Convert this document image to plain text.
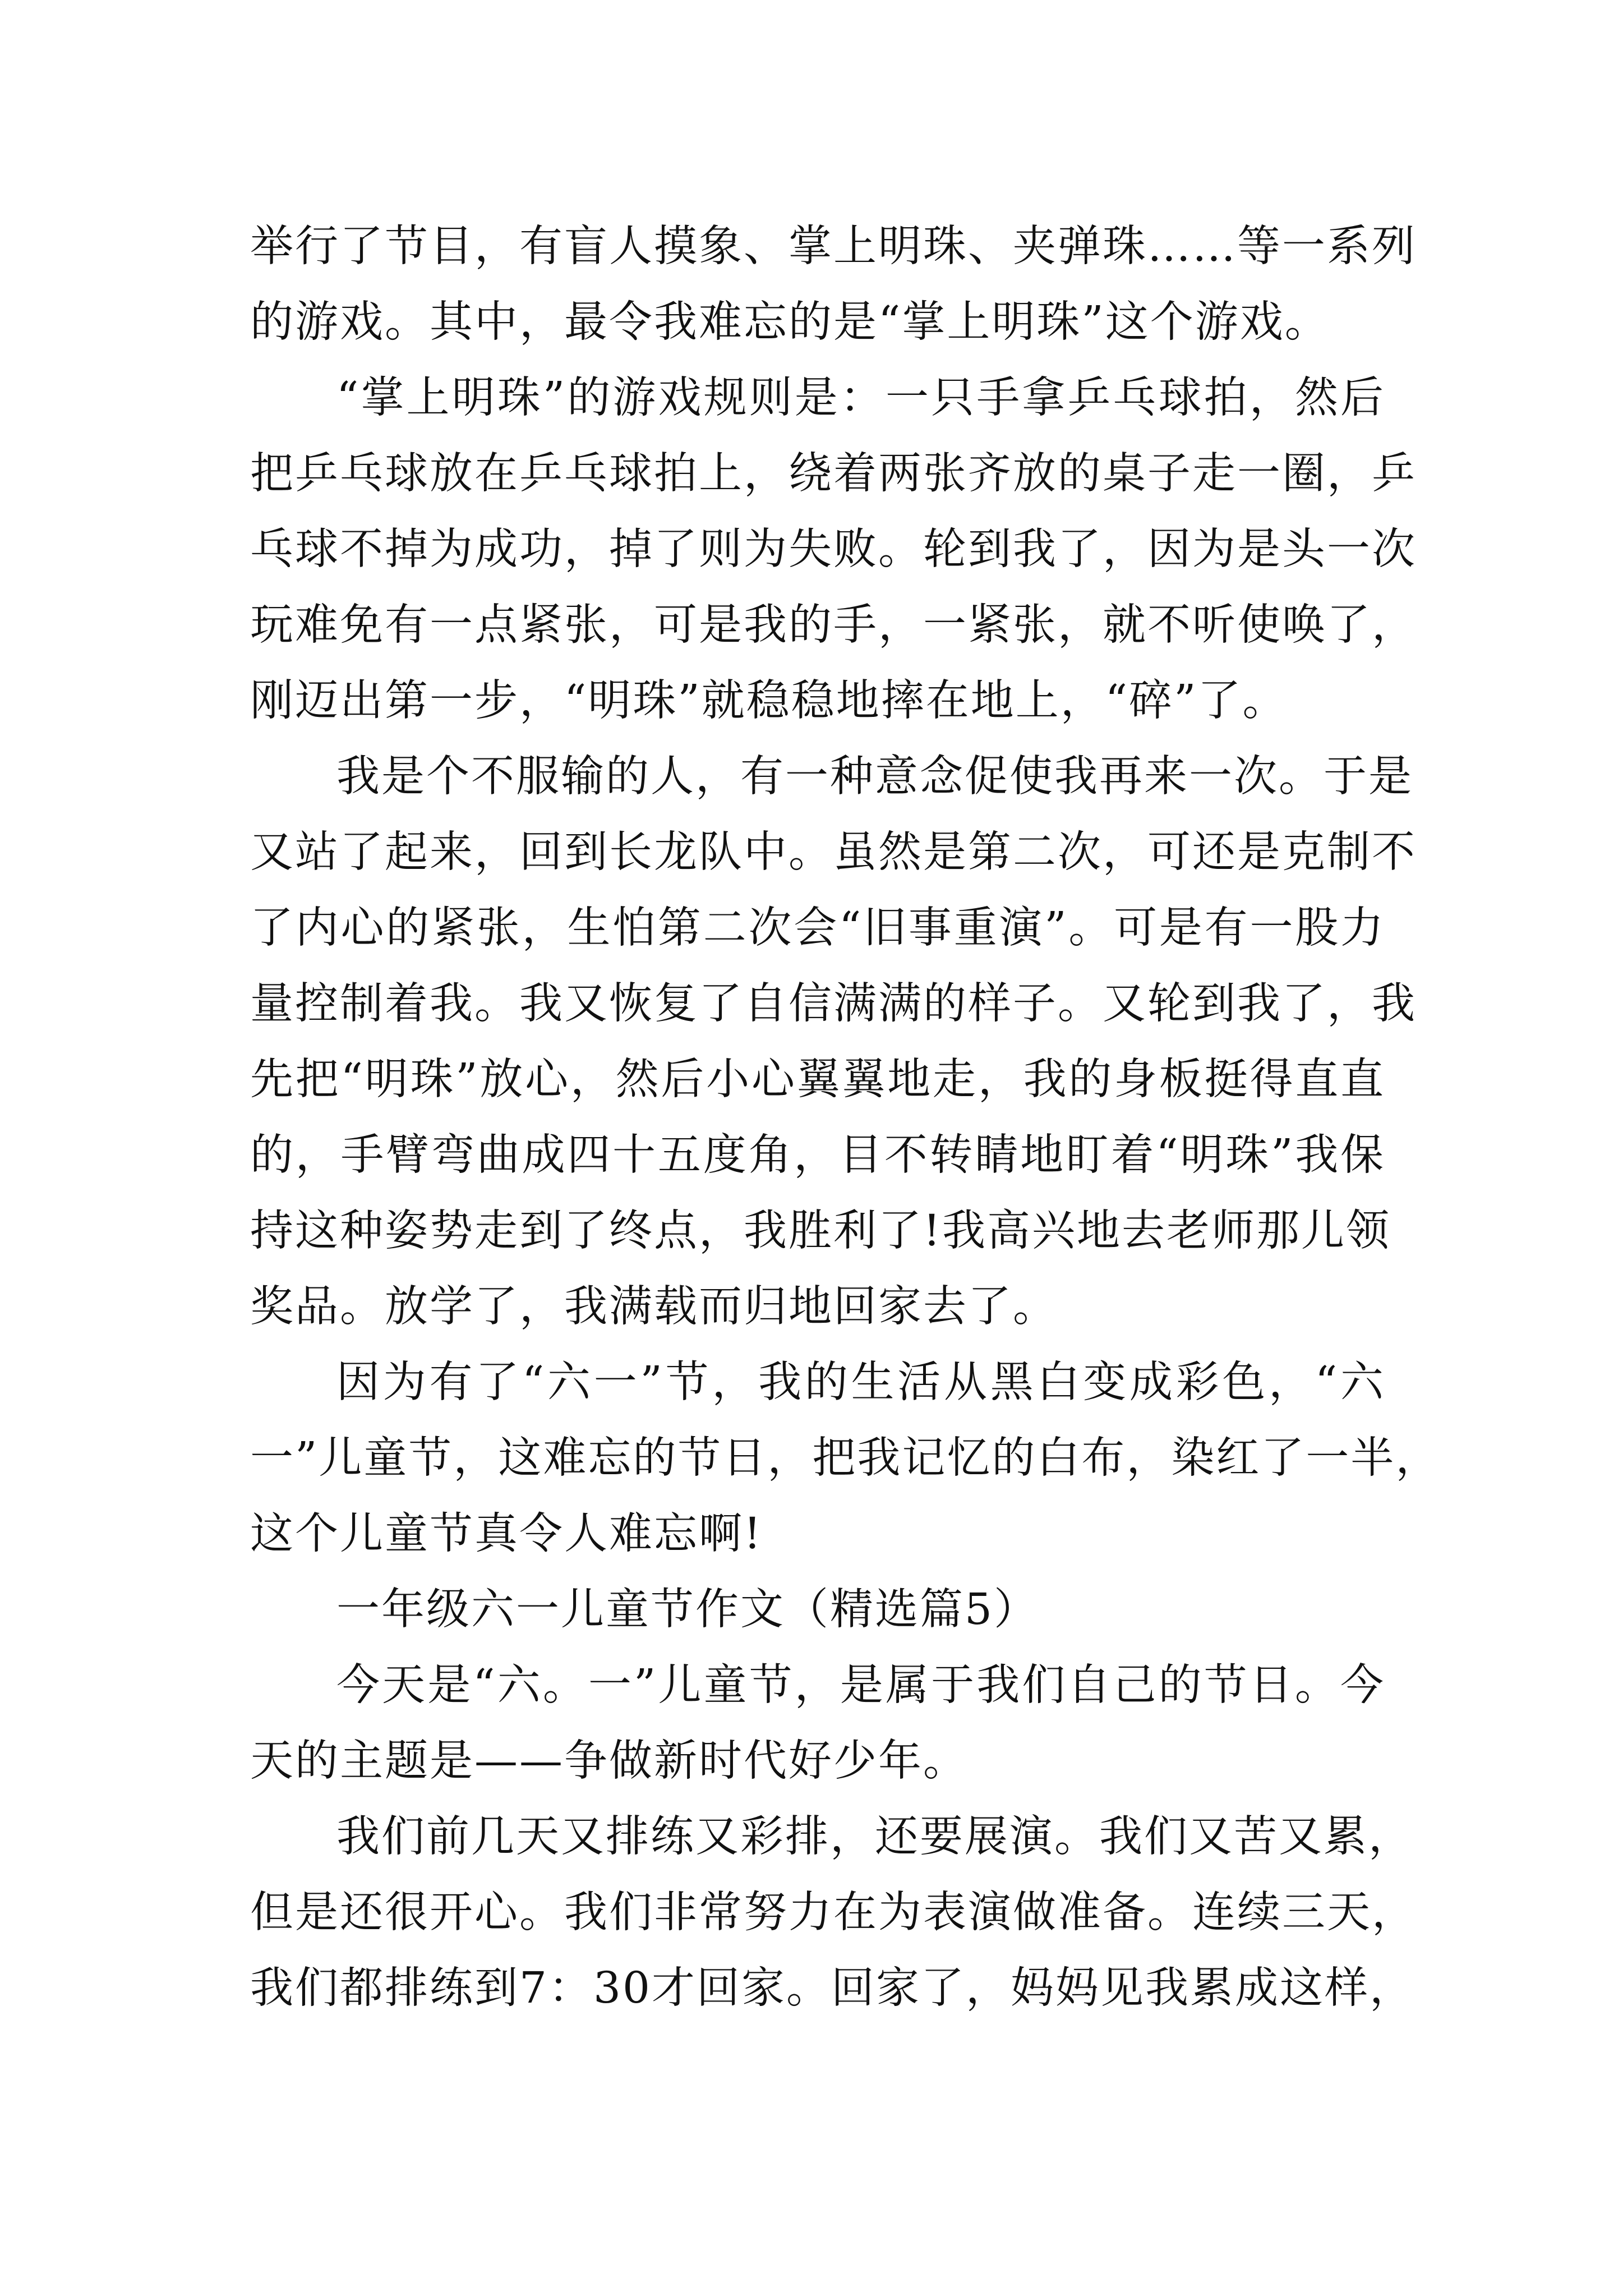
举行了节目，有盲人摸象、掌上明珠、夹弹珠……等一系列
的游戏。其中，最令我难忘的是“掌上明珠”这个游戏。
“掌上明珠”的游戏规则是：一只手拿乒乓球拍，然后
把乒乓球放在乒乓球拍上，绕着两张齐放的桌子走一圈，乒
乓球不掉为成功，掉了则为失败。轮到我了，因为是头一次
玩难免有一点紧张，可是我的手，一紧张，就不听使唤了，
刚迈出第一步，“明珠”就稳稳地摔在地上，“碎”了。
我是个不服输的人，有一种意念促使我再来一次。于是
又站了起来，回到长龙队中。虽然是第二次，可还是克制不
了内心的紧张，生怕第二次会“旧事重演”。可是有一股力
量控制着我。我又恢复了自信满满的样子。又轮到我了，我
先把“明珠”放心，然后小心翼翼地走，我的身板挺得直直
的，手臂弯曲成四十五度角，目不转睛地盯着“明珠”我保
持这种姿势走到了终点，我胜利了!我高兴地去老师那儿领
奖品。放学了，我满载而归地回家去了。
因为有了“六一”节，我的生活从黑白变成彩色，“六
一”儿童节，这难忘的节日，把我记忆的白布，染红了一半，
这个儿童节真令人难忘啊!
一年级六一儿童节作文（精选篇5）
今天是“六。一”儿童节，是属于我们自己的节日。今
天的主题是——争做新时代好少年。
我们前几天又排练又彩排，还要展演。我们又苦又累，
但是还很开心。我们非常努力在为表演做准备。连续三天，
我们都排练到7：30才回家。回家了，妈妈见我累成这样，
